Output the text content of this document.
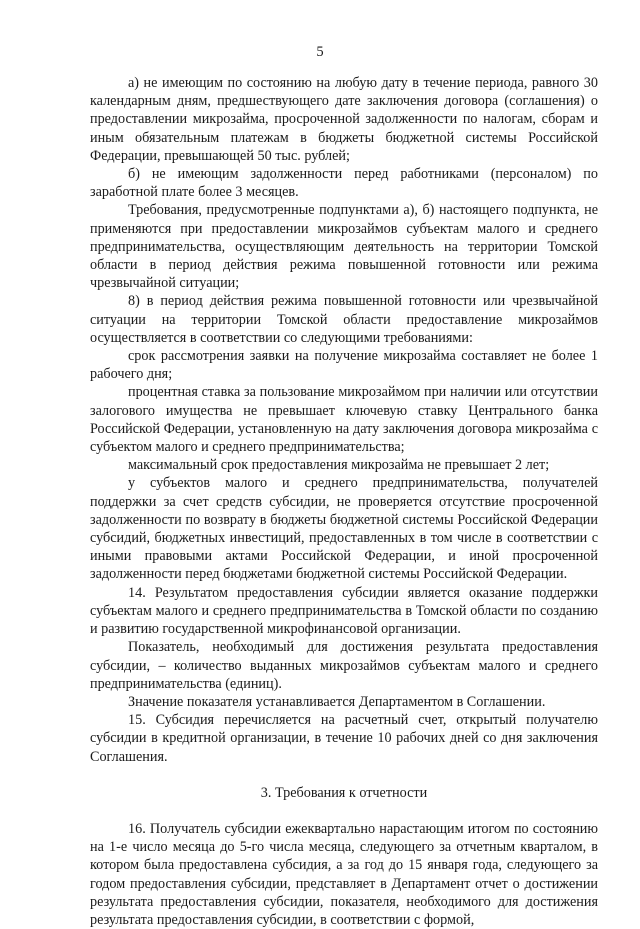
5

а) не имеющим по состоянию на любую дату в течение периода, равного 30 календарным дням, предшествующего дате заключения договора (соглашения) о предоставлении микрозайма, просроченной задолженности по налогам, сборам и иным обязательным платежам в бюджеты бюджетной системы Российской Федерации, превышающей 50 тыс. рублей;

б) не имеющим задолженности перед работниками (персоналом) по заработной плате более 3 месяцев.

Требования, предусмотренные подпунктами а), б) настоящего подпункта, не применяются при предоставлении микрозаймов субъектам малого и среднего предпринимательства, осуществляющим деятельность на территории Томской области в период действия режима повышенной готовности или режима чрезвычайной ситуации;

8) в период действия режима повышенной готовности или чрезвычайной ситуации на территории Томской области предоставление микрозаймов осуществляется в соответствии со следующими требованиями:

срок рассмотрения заявки на получение микрозайма составляет не более 1 рабочего дня;

процентная ставка за пользование микрозаймом при наличии или отсутствии залогового имущества не превышает ключевую ставку Центрального банка Российской Федерации, установленную на дату заключения договора микрозайма с субъектом малого и среднего предпринимательства;

максимальный срок предоставления микрозайма не превышает 2 лет;

у субъектов малого и среднего предпринимательства, получателей поддержки за счет средств субсидии, не проверяется отсутствие просроченной задолженности по возврату в бюджеты бюджетной системы Российской Федерации субсидий, бюджетных инвестиций, предоставленных в том числе в соответствии с иными правовыми актами Российской Федерации, и иной просроченной задолженности перед бюджетами бюджетной системы Российской Федерации.

14. Результатом предоставления субсидии является оказание поддержки субъектам малого и среднего предпринимательства в Томской области по созданию и развитию государственной микрофинансовой организации.

Показатель, необходимый для достижения результата предоставления субсидии, – количество выданных микрозаймов субъектам малого и среднего предпринимательства (единиц).

Значение показателя устанавливается Департаментом в Соглашении.

15. Субсидия перечисляется на расчетный счет, открытый получателю субсидии в кредитной организации, в течение 10 рабочих дней со дня заключения Соглашения.

3. Требования к отчетности

16. Получатель субсидии ежеквартально нарастающим итогом по состоянию на 1-е число месяца до 5-го числа месяца, следующего за отчетным кварталом, в котором была предоставлена субсидия, а за год до 15 января года, следующего за годом предоставления субсидии, представляет в Департамент отчет о достижении результата предоставления субсидии, показателя, необходимого для достижения результата предоставления субсидии, в соответствии с формой,
